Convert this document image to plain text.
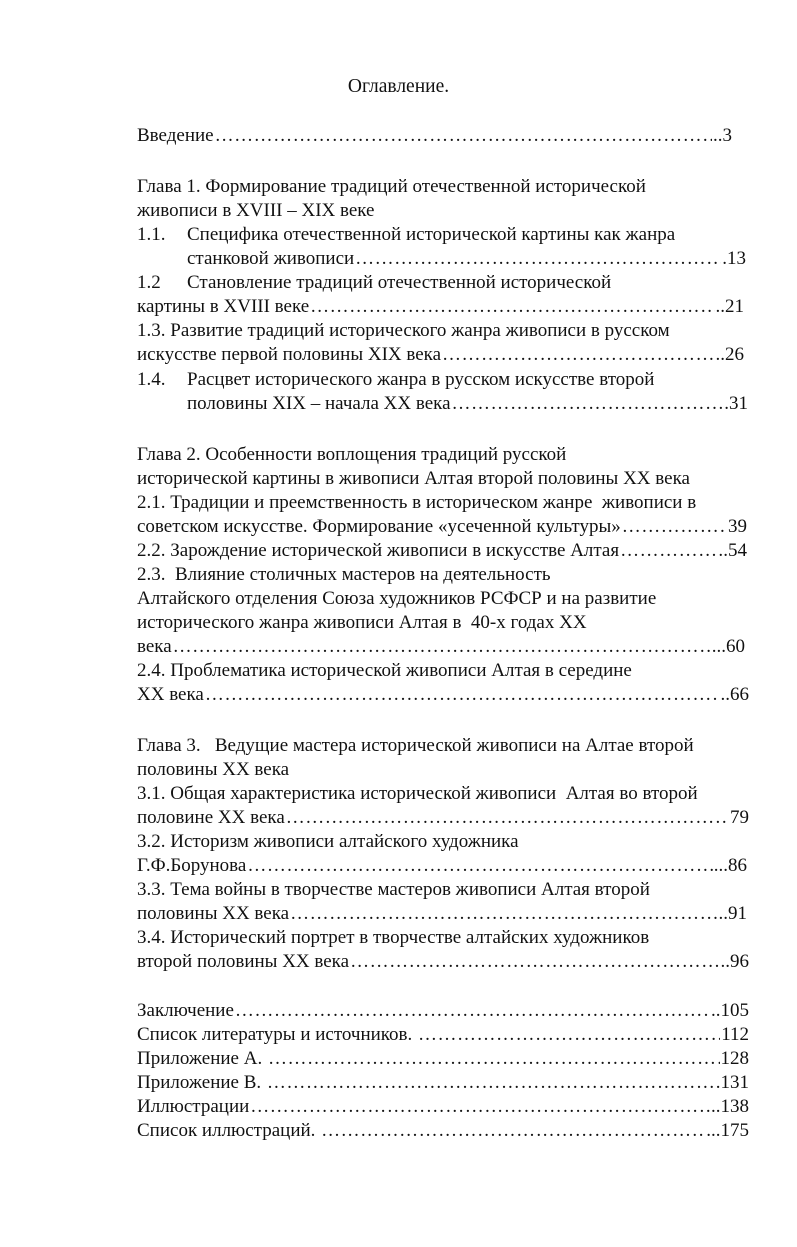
Оглавление.
Введение ……………………………………………………………………………………………………………………………………………………………………………………	..3
Глава 1. Формирование традиций отечественной исторической
живописи в XVIII – XIX веке
1.1. Специфика отечественной исторической картины как жанра
станковой живописи ……………………………………………………………………………………………………………………………………………………………………………………	.13
1.2 Становление традиций отечественной исторической
картины в XVIII веке ……………………………………………………………………………………………………………………………………………………………………………………	..21
1.3. Развитие традиций исторического жанра живописи в русском
искусстве первой половины XIX века ……………………………………………………………………………………………………………………………………………………………………………………	..26
1.4. Расцвет исторического жанра в русском искусстве второй
половины XIX – начала XX века ……………………………………………………………………………………………………………………………………………………………………………………	.31
Глава 2. Особенности воплощения традиций русской
исторической картины в живописи Алтая второй половины XX века
2.1. Традиции и преемственность в историческом жанре  живописи в
советском искусстве. Формирование «усеченной культуры» ……………………………………………………………………………………………………………………………………………………………………………………	39
2.2. Зарождение исторической живописи в искусстве Алтая ……………………………………………………………………………………………………………………………………………………………………………………	.54
2.3.  Влияние столичных мастеров на деятельность
Алтайского отделения Союза художников РСФСР и на развитие
исторического жанра живописи Алтая в  40-х годах XX
века ……………………………………………………………………………………………………………………………………………………………………………………	...60
2.4. Проблематика исторической живописи Алтая в середине
XX века ……………………………………………………………………………………………………………………………………………………………………………………	..66
Глава 3.   Ведущие мастера исторической живописи на Алтае второй
половины XX века
3.1. Общая характеристика исторической живописи  Алтая во второй
половине XX века ……………………………………………………………………………………………………………………………………………………………………………………	79
3.2. Историзм живописи алтайского художника
Г.Ф.Борунова ……………………………………………………………………………………………………………………………………………………………………………………	...86
3.3. Тема войны в творчестве мастеров живописи Алтая второй
половины XX века ……………………………………………………………………………………………………………………………………………………………………………………	..91
3.4. Исторический портрет в творчестве алтайских художников
второй половины XX века ……………………………………………………………………………………………………………………………………………………………………………………	..96
Заключение ……………………………………………………………………………………………………………………………………………………………………………………	..105
Список литературы и источников. ……………………………………………………………………………………………………………………………………………………………………………………	112
Приложение А. ……………………………………………………………………………………………………………………………………………………………………………………	128
Приложение В. ……………………………………………………………………………………………………………………………………………………………………………………	.131
Иллюстрации ……………………………………………………………………………………………………………………………………………………………………………………	..138
Список иллюстраций. ……………………………………………………………………………………………………………………………………………………………………………………	...175
